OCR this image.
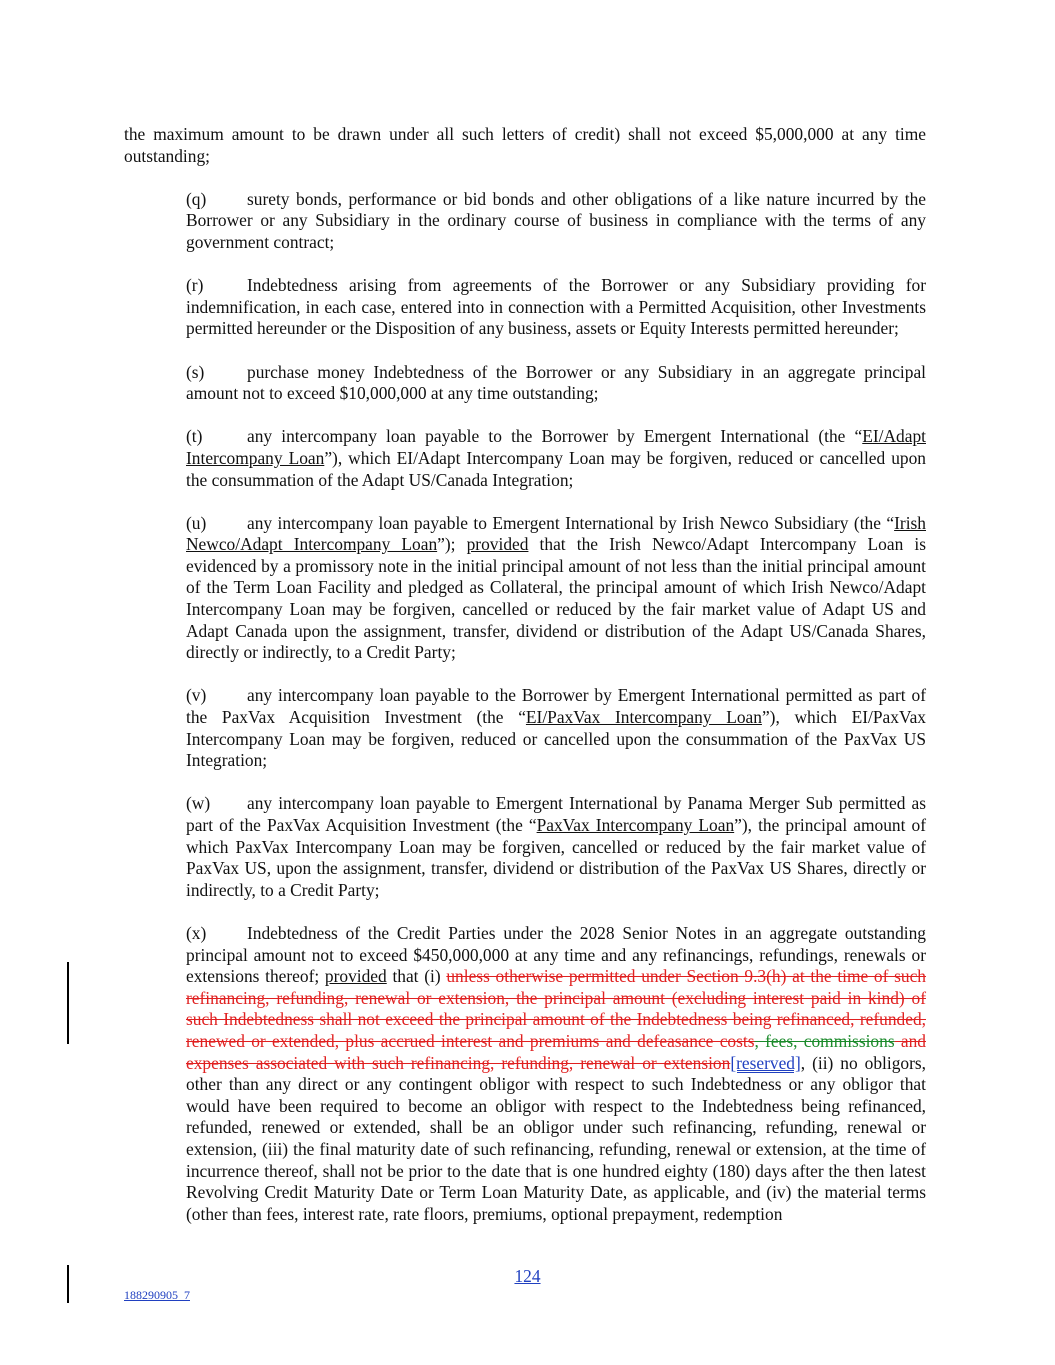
the maximum amount to be drawn under all such letters of credit) shall not exceed $5,000,000 at any time outstanding;

(q) surety bonds, performance or bid bonds and other obligations of a like nature incurred by the Borrower or any Subsidiary in the ordinary course of business in compliance with the terms of any government contract;

(r)	Indebtedness arising from agreements of the Borrower or any Subsidiary providing for indemnification, in each case, entered into in connection with a Permitted Acquisition, other Investments permitted hereunder or the Disposition of any business, assets or Equity Interests permitted hereunder;

(s) purchase money Indebtedness of the Borrower or any Subsidiary in an aggregate principal amount not to exceed $10,000,000 at any time outstanding;

(t)	any intercompany loan payable to the Borrower by Emergent International (the “EI/Adapt Intercompany Loan”), which EI/Adapt Intercompany Loan may be forgiven, reduced or cancelled upon the consummation of the Adapt US/Canada Integration;

(u) any intercompany loan payable to Emergent International by Irish Newco Subsidiary (the “Irish Newco/Adapt Intercompany Loan”); provided that the Irish Newco/Adapt Intercompany Loan is evidenced by a promissory note in the initial principal amount of not less than the initial principal amount of the Term Loan Facility and pledged as Collateral, the principal amount of which Irish Newco/Adapt Intercompany Loan may be forgiven, cancelled or reduced by the fair market value of Adapt US and Adapt Canada upon the assignment, transfer, dividend or distribution of the Adapt US/Canada Shares, directly or indirectly, to a Credit Party;

(v) any intercompany loan payable to the Borrower by Emergent International permitted as part of the PaxVax Acquisition Investment (the “EI/PaxVax Intercompany Loan”), which EI/PaxVax Intercompany Loan may be forgiven, reduced or cancelled upon the consummation of the PaxVax US Integration;

(w) any intercompany loan payable to Emergent International by Panama Merger Sub permitted as part of the PaxVax Acquisition Investment (the “PaxVax Intercompany Loan”), the principal amount of which PaxVax Intercompany Loan may be forgiven, cancelled or reduced by the fair market value of PaxVax US, upon the assignment, transfer, dividend or distribution of the PaxVax US Shares, directly or indirectly, to a Credit Party;

(x) Indebtedness of the Credit Parties under the 2028 Senior Notes in an aggregate outstanding principal amount not to exceed $450,000,000 at any time and any refinancings, refundings, renewals or extensions thereof; provided that (i) unless otherwise permitted under Section 9.3(h) at the time of such refinancing, refunding, renewal or extension, the principal amount (excluding interest paid in kind) of such Indebtedness shall not exceed the principal amount of the Indebtedness being refinanced, refunded, renewed or extended, plus accrued interest and premiums and defeasance costs, fees, commissions and expenses associated with such refinancing, refunding, renewal or extension[reserved], (ii) no obligors, other than any direct or any contingent obligor with respect to such Indebtedness or any obligor that would have been required to become an obligor with respect to the Indebtedness being refinanced, refunded, renewed or extended, shall be an obligor under such refinancing, refunding, renewal or extension, (iii) the final maturity date of such refinancing, refunding, renewal or extension, at the time of incurrence thereof, shall not be prior to the date that is one hundred eighty (180) days after the then latest Revolving Credit Maturity Date or Term Loan Maturity Date, as applicable, and (iv) the material terms (other than fees, interest rate, rate floors, premiums, optional prepayment, redemption

124
188290905_7
